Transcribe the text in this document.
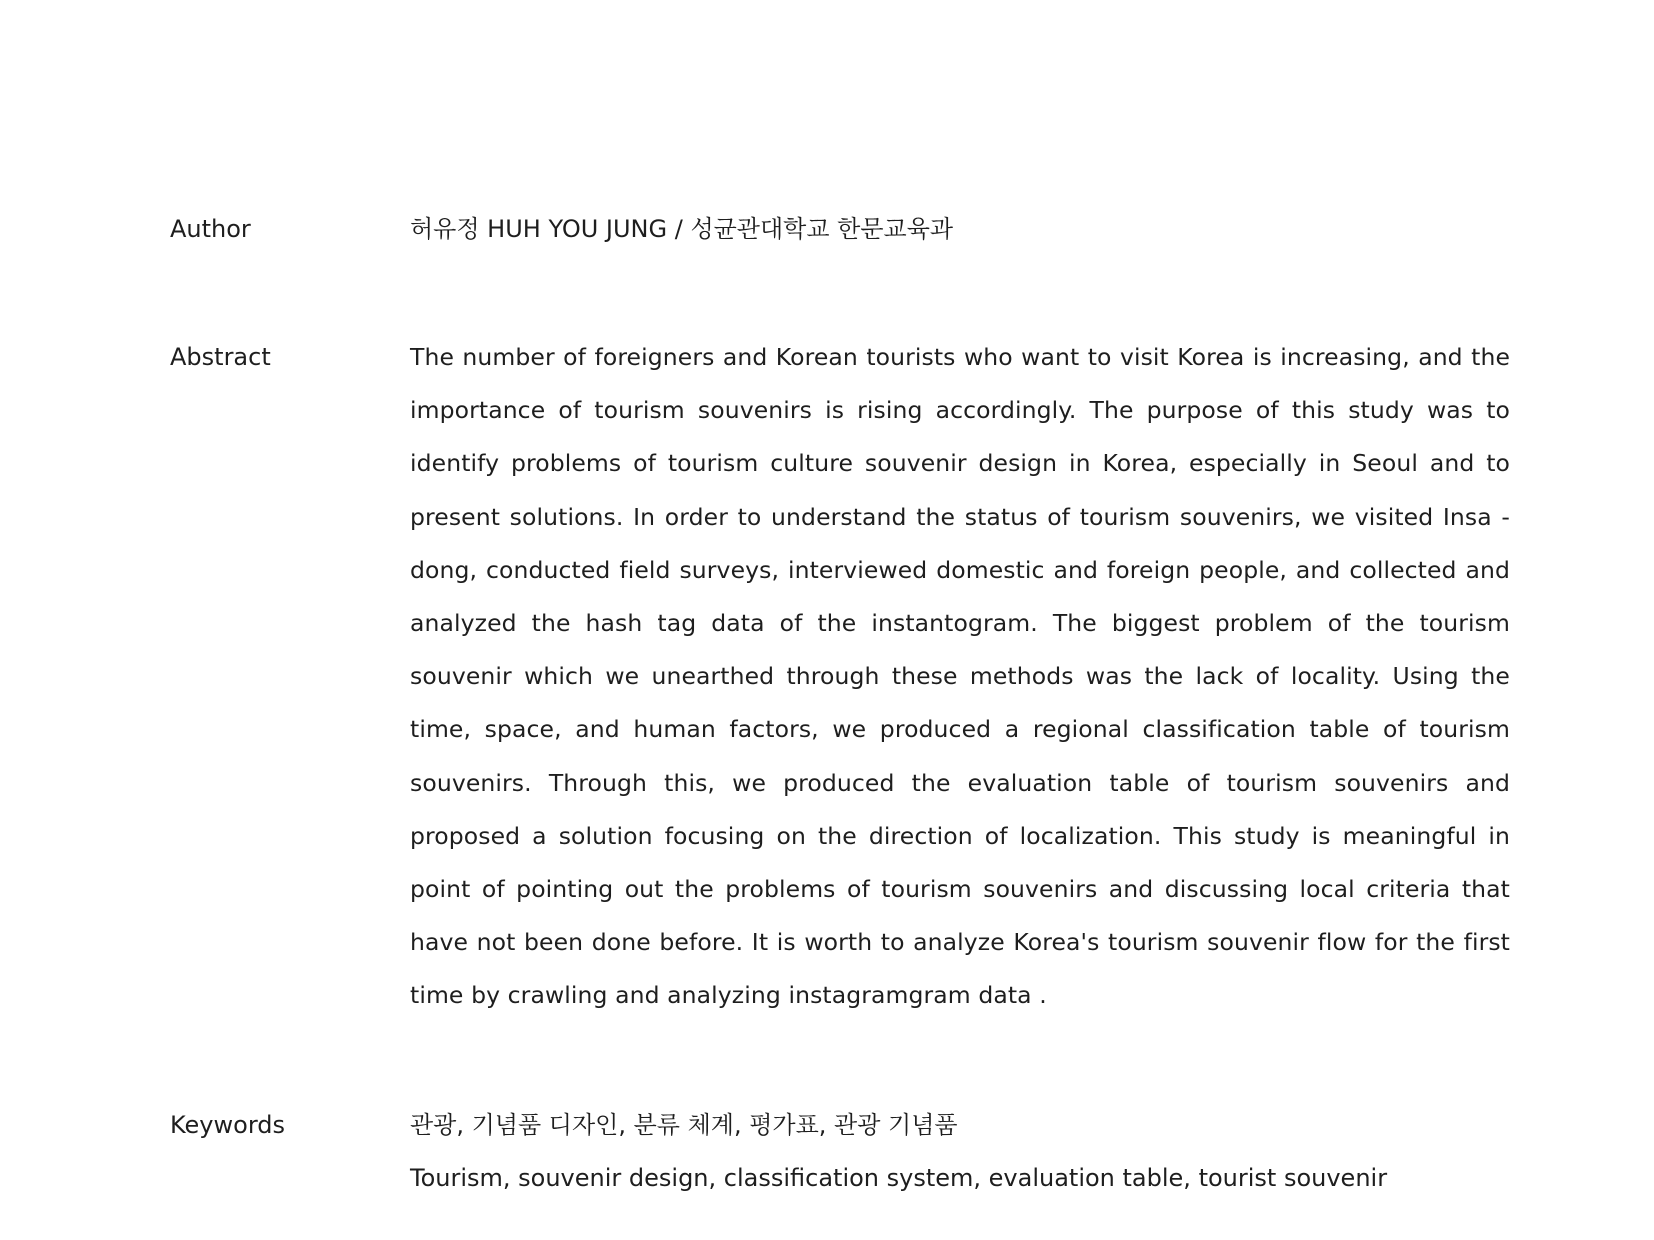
Author	허유정 HUH YOU JUNG / 성균관대학교 한문교육과
Abstract	The number of foreigners and Korean tourists who want to visit Korea is increasing, and the importance of tourism souvenirs is rising accordingly. The purpose of this study was to identify problems of tourism culture souvenir design in Korea, especially in Seoul and to present solutions. In order to understand the status of tourism souvenirs, we visited Insa - dong, conducted field surveys, interviewed domestic and foreign people, and collected and analyzed the hash tag data of the instantogram. The biggest problem of the tourism souvenir which we unearthed through these methods was the lack of locality. Using the time, space, and human factors, we produced a regional classification table of tourism souvenirs. Through this, we produced the evaluation table of tourism souvenirs and proposed a solution focusing on the direction of localization. This study is meaningful in point of pointing out the problems of tourism souvenirs and discussing local criteria that have not been done before. It is worth to analyze Korea's tourism souvenir flow for the first time by crawling and analyzing instagramgram data .
Keywords	관광, 기념품 디자인, 분류 체계, 평가표, 관광 기념품
Tourism, souvenir design, classification system, evaluation table, tourist souvenir
